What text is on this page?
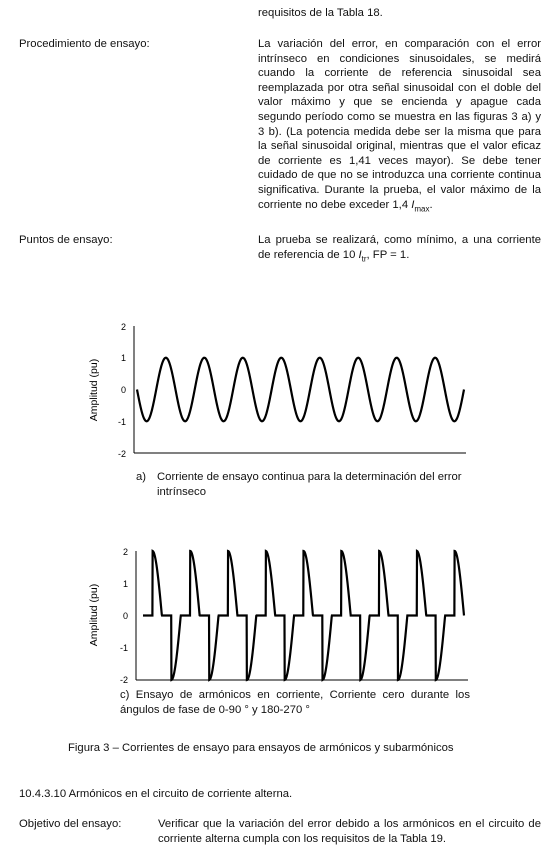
requisitos de la Tabla 18.
Procedimiento de ensayo:	La variación del error, en comparación con el error intrínseco en condiciones sinusoidales, se medirá cuando la corriente de referencia sinusoidal sea reemplazada por otra señal sinusoidal con el doble del valor máximo y que se encienda y apague cada segundo período como se muestra en las figuras 3 a) y 3 b). (La potencia medida debe ser la misma que para la señal sinusoidal original, mientras que el valor eficaz de corriente es 1,41 veces mayor). Se debe tener cuidado de que no se introduzca una corriente continua significativa. Durante la prueba, el valor máximo de la corriente no debe exceder 1,4 $I_{max}$.
Puntos de ensayo:	La prueba se realizará, como mínimo, a una corriente de referencia de 10 $I_{tr}$, FP = 1.
2
1
0
-1
-2
Amplitud (pu)
a) Corriente de ensayo continua para la determinación del error intrínseco
2
1
0
-1
-2
Amplitud (pu)
c) Ensayo de armónicos en corriente, Corriente cero durante los ángulos de fase de 0-90 ° y 180-270 °
Figura 3 – Corrientes de ensayo para ensayos de armónicos y subarmónicos
10.4.3.10 Armónicos en el circuito de corriente alterna.
Objetivo del ensayo:	Verificar que la variación del error debido a los armónicos en el circuito de corriente alterna cumpla con los requisitos de la Tabla 19.
